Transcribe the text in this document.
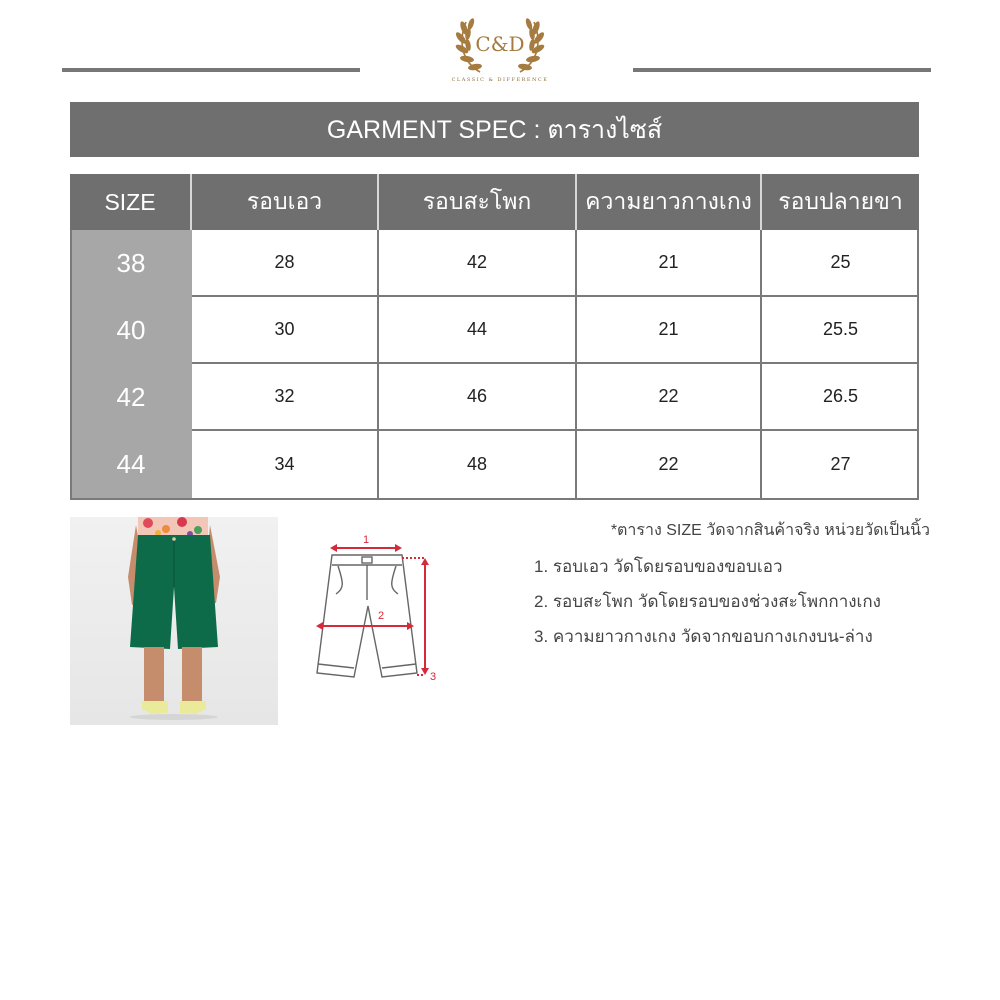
C&D
CLASSIC & DIFFERENCE
GARMENT SPEC : ตารางไซส์
SIZE	รอบเอว	รอบสะโพก	ความยาวกางเกง	รอบปลายขา
38	28	42	21	25
40	30	44	21	25.5
42	32	46	22	26.5
44	34	48	22	27
1
2
3
*ตาราง SIZE วัดจากสินค้าจริง หน่วยวัดเป็นนิ้ว
1. รอบเอว วัดโดยรอบของขอบเอว
2. รอบสะโพก วัดโดยรอบของช่วงสะโพกกางเกง
3. ความยาวกางเกง วัดจากขอบกางเกงบน-ล่าง
